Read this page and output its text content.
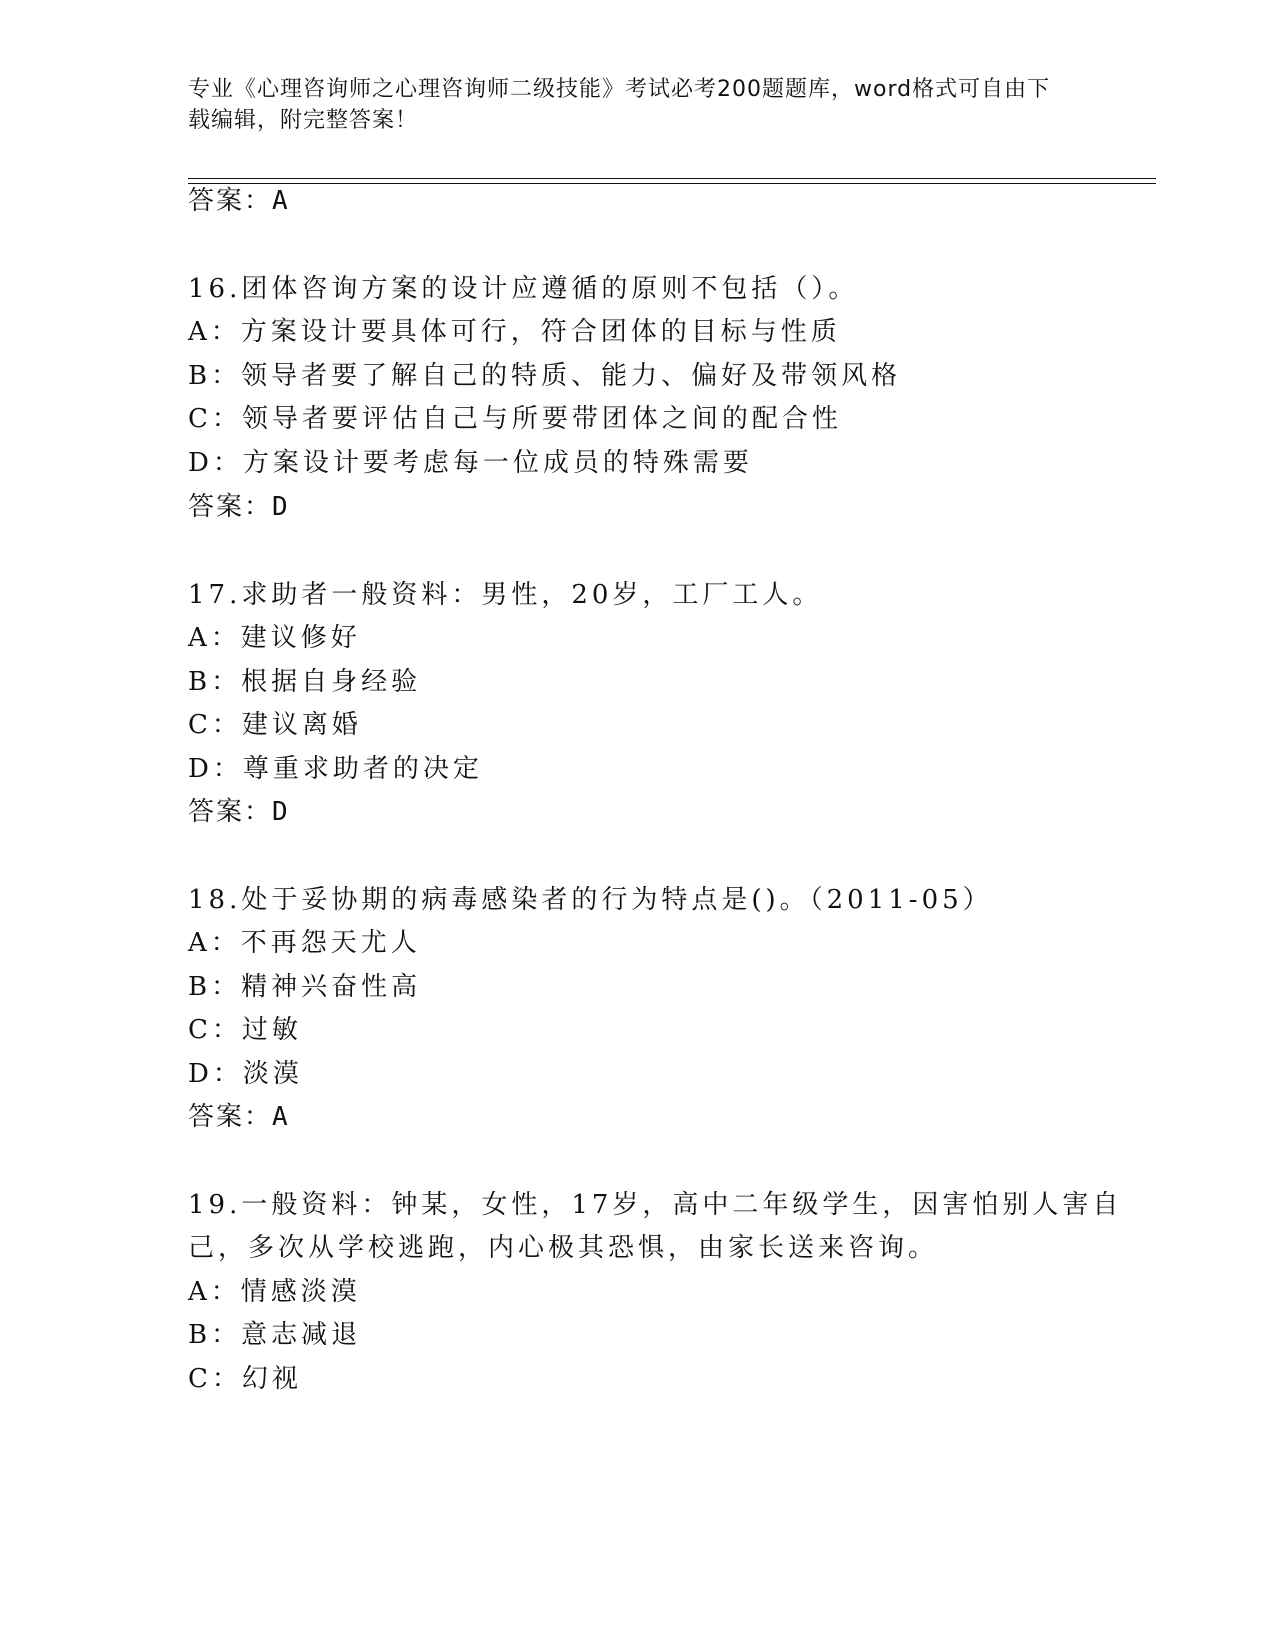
专业《心理咨询师之心理咨询师二级技能》考试必考200题题库，word格式可自由下载编辑，附完整答案！
答案：A
16.团体咨询方案的设计应遵循的原则不包括（）。
A：方案设计要具体可行，符合团体的目标与性质
B：领导者要了解自己的特质、能力、偏好及带领风格
C：领导者要评估自己与所要带团体之间的配合性
D：方案设计要考虑每一位成员的特殊需要
答案：D
17.求助者一般资料：男性，20岁，工厂工人。
A：建议修好
B：根据自身经验
C：建议离婚
D：尊重求助者的决定
答案：D
18.处于妥协期的病毒感染者的行为特点是()。（2011-05）
A：不再怨天尤人
B：精神兴奋性高
C：过敏
D：淡漠
答案：A
19.一般资料：钟某，女性，17岁，高中二年级学生，因害怕别人害自
己，多次从学校逃跑，内心极其恐惧，由家长送来咨询。
A：情感淡漠
B：意志减退
C：幻视
